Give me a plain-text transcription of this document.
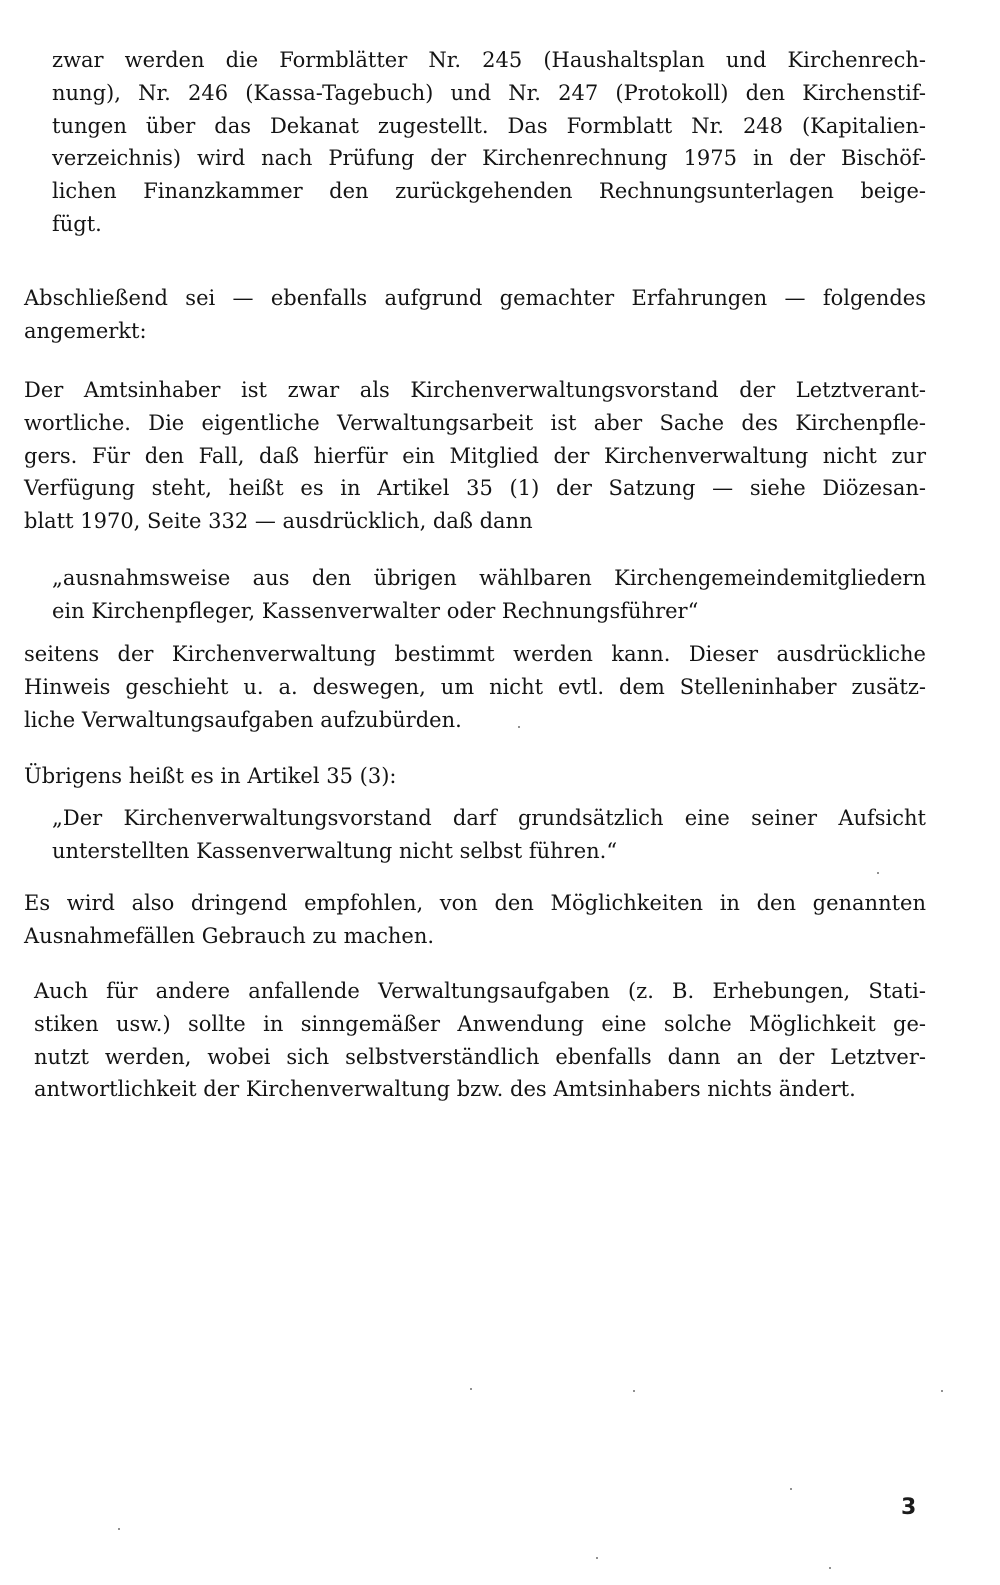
zwar werden die Formblätter Nr. 245 (Haushaltsplan und Kirchenrech-
nung), Nr. 246 (Kassa-Tagebuch) und Nr. 247 (Protokoll) den Kirchenstif-
tungen über das Dekanat zugestellt. Das Formblatt Nr. 248 (Kapitalien-
verzeichnis) wird nach Prüfung der Kirchenrechnung 1975 in der Bischöf-
lichen Finanzkammer den zurückgehenden Rechnungsunterlagen beige-
fügt.
Abschließend sei — ebenfalls aufgrund gemachter Erfahrungen — folgendes
angemerkt:
Der Amtsinhaber ist zwar als Kirchenverwaltungsvorstand der Letztverant-
wortliche. Die eigentliche Verwaltungsarbeit ist aber Sache des Kirchenpfle-
gers. Für den Fall, daß hierfür ein Mitglied der Kirchenverwaltung nicht zur
Verfügung steht, heißt es in Artikel 35 (1) der Satzung — siehe Diözesan-
blatt 1970, Seite 332 — ausdrücklich, daß dann
„ausnahmsweise aus den übrigen wählbaren Kirchengemeindemitgliedern
ein Kirchenpfleger, Kassenverwalter oder Rechnungsführer“
seitens der Kirchenverwaltung bestimmt werden kann. Dieser ausdrückliche
Hinweis geschieht u. a. deswegen, um nicht evtl. dem Stelleninhaber zusätz-
liche Verwaltungsaufgaben aufzubürden.
Übrigens heißt es in Artikel 35 (3):
„Der Kirchenverwaltungsvorstand darf grundsätzlich eine seiner Aufsicht
unterstellten Kassenverwaltung nicht selbst führen.“
Es wird also dringend empfohlen, von den Möglichkeiten in den genannten
Ausnahmefällen Gebrauch zu machen.
Auch für andere anfallende Verwaltungsaufgaben (z. B. Erhebungen, Stati-
stiken usw.) sollte in sinngemäßer Anwendung eine solche Möglichkeit ge-
nutzt werden, wobei sich selbstverständlich ebenfalls dann an der Letztver-
antwortlichkeit der Kirchenverwaltung bzw. des Amtsinhabers nichts ändert.
3
